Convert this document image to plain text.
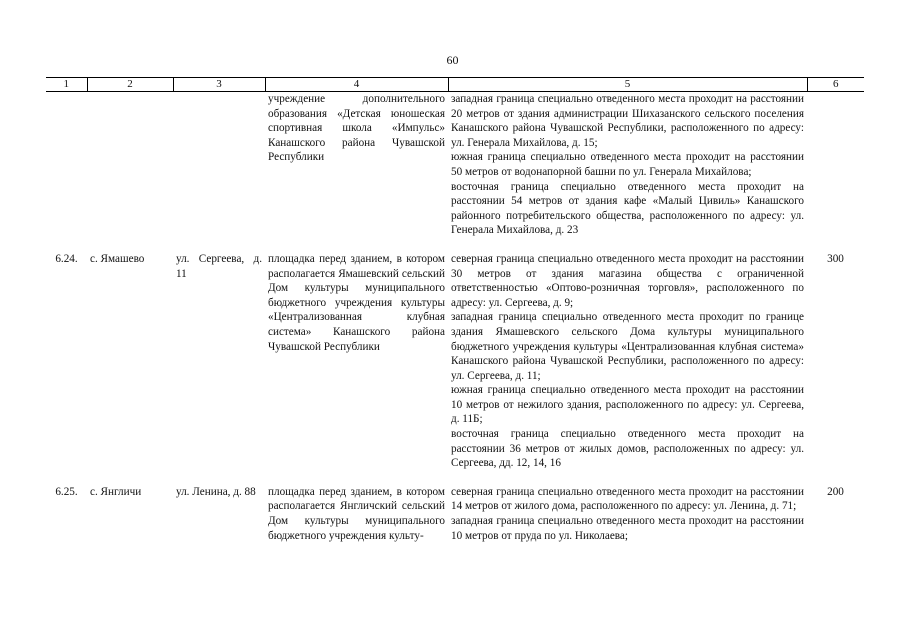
60
1	2	3	4	5	6
			учреждение дополнительного образования «Детская юношеская спортивная школа «Импульс» Канашского района Чувашской Республики	западная граница специально отведенного места проходит на расстоянии 20 метров от здания администрации Шихазанского сельского поселения Канашского района Чувашской Республики, расположенного по адресу: ул. Генерала Михайлова, д. 15;

южная граница специально отведенного места проходит на расстоянии 50 метров от водонапорной башни по ул. Генерала Михайлова;

восточная граница специально отведенного места проходит на расстоянии 54 метров от здания кафе «Малый Цивиль» Канашского районного потребительского общества, расположенного по адресу: ул. Генерала Михайлова, д. 23	

6.24.	с. Ямашево	ул. Сергеева, д. 11	площадка перед зданием, в котором располагается Ямашевский сельский Дом культуры муниципального бюджетного учреждения культуры «Централизованная клубная система» Канашского района Чувашской Республики	северная граница специально отведенного места проходит на расстоянии 30 метров от здания магазина общества с ограниченной ответственностью «Оптово-розничная торговля», расположенного по адресу: ул. Сергеева, д. 9;

западная граница специально отведенного места проходит по границе здания Ямашевского сельского Дома культуры муниципального бюджетного учреждения культуры «Централизованная клубная система» Канашского района Чувашской Республики, расположенного по адресу: ул. Сергеева, д. 11;

южная граница специально отведенного места проходит на расстоянии 10 метров от нежилого здания, расположенного по адресу: ул. Сергеева, д. 11Б;

восточная граница специально отведенного места проходит на расстоянии 36 метров от жилых домов, расположенных по адресу: ул. Сергеева, дд. 12, 14, 16	300
6.25.	с. Янгличи	ул. Ленина, д. 88	площадка перед зданием, в котором располагается Янгличский сельский Дом культуры муниципального бюджетного учреждения культу-	северная граница специально отведенного места проходит на расстоянии 14 метров от жилого дома, расположенного по адресу: ул. Ленина, д. 71;

западная граница специально отведенного места проходит на расстоянии 10 метров от пруда по ул. Николаева;	200
